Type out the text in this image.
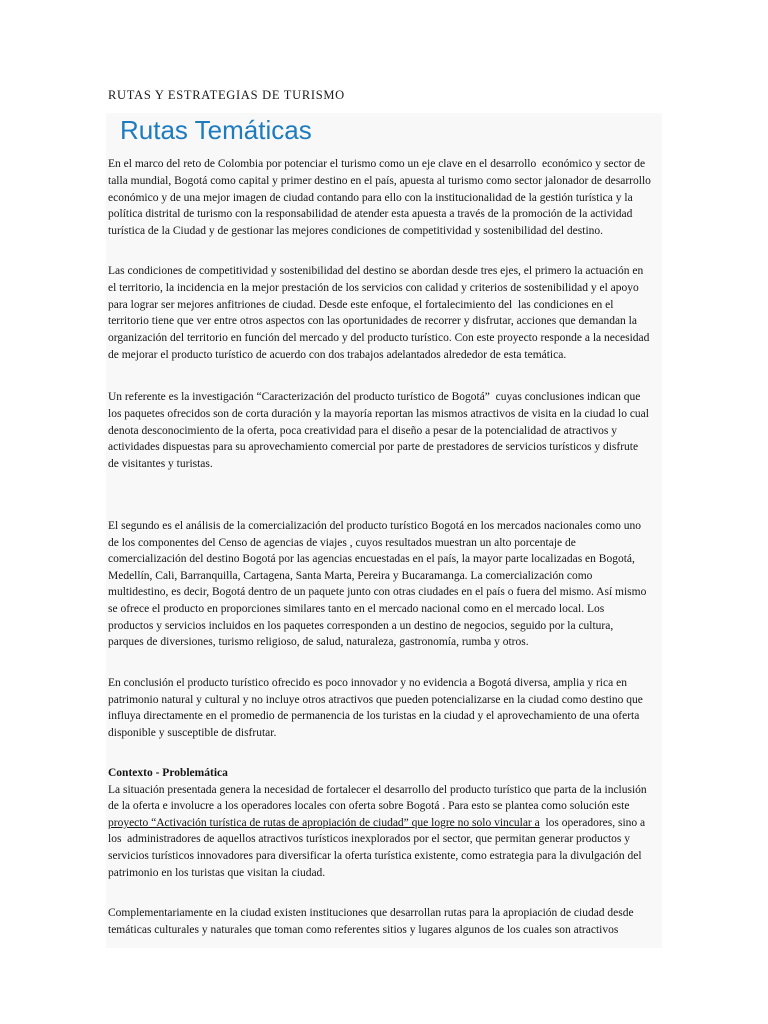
RUTAS Y ESTRATEGIAS DE TURISMO
Rutas Temáticas
En el marco del reto de Colombia por potenciar el turismo como un eje clave en el desarrollo  económico y sector de
talla mundial, Bogotá como capital y primer destino en el país, apuesta al turismo como sector jalonador de desarrollo
económico y de una mejor imagen de ciudad contando para ello con la institucionalidad de la gestión turística y la
política distrital de turismo con la responsabilidad de atender esta apuesta a través de la promoción de la actividad
turística de la Ciudad y de gestionar las mejores condiciones de competitividad y sostenibilidad del destino.
Las condiciones de competitividad y sostenibilidad del destino se abordan desde tres ejes, el primero la actuación en
el territorio, la incidencia en la mejor prestación de los servicios con calidad y criterios de sostenibilidad y el apoyo
para lograr ser mejores anfitriones de ciudad. Desde este enfoque, el fortalecimiento del  las condiciones en el
territorio tiene que ver entre otros aspectos con las oportunidades de recorrer y disfrutar, acciones que demandan la
organización del territorio en función del mercado y del producto turístico. Con este proyecto responde a la necesidad
de mejorar el producto turístico de acuerdo con dos trabajos adelantados alrededor de esta temática.
Un referente es la investigación “Caracterización del producto turístico de Bogotá”  cuyas conclusiones indican que
los paquetes ofrecidos son de corta duración y la mayoría reportan las mismos atractivos de visita en la ciudad lo cual
denota desconocimiento de la oferta, poca creatividad para el diseño a pesar de la potencialidad de atractivos y
actividades dispuestas para su aprovechamiento comercial por parte de prestadores de servicios turísticos y disfrute
de visitantes y turistas.
El segundo es el análisis de la comercialización del producto turístico Bogotá en los mercados nacionales como uno
de los componentes del Censo de agencias de viajes , cuyos resultados muestran un alto porcentaje de
comercialización del destino Bogotá por las agencias encuestadas en el país, la mayor parte localizadas en Bogotá,
Medellín, Cali, Barranquilla, Cartagena, Santa Marta, Pereira y Bucaramanga. La comercialización como
multidestino, es decir, Bogotá dentro de un paquete junto con otras ciudades en el país o fuera del mismo. Así mismo
se ofrece el producto en proporciones similares tanto en el mercado nacional como en el mercado local. Los
productos y servicios incluidos en los paquetes corresponden a un destino de negocios, seguido por la cultura,
parques de diversiones, turismo religioso, de salud, naturaleza, gastronomía, rumba y otros.
En conclusión el producto turístico ofrecido es poco innovador y no evidencia a Bogotá diversa, amplia y rica en
patrimonio natural y cultural y no incluye otros atractivos que pueden potencializarse en la ciudad como destino que
influya directamente en el promedio de permanencia de los turistas en la ciudad y el aprovechamiento de una oferta
disponible y susceptible de disfrutar.
Contexto - Problemática
La situación presentada genera la necesidad de fortalecer el desarrollo del producto turístico que parta de la inclusión
de la oferta e involucre a los operadores locales con oferta sobre Bogotá . Para esto se plantea como solución este
proyecto “Activación turística de rutas de apropiación de ciudad” que logre no solo vincular a  los operadores, sino a
los  administradores de aquellos atractivos turísticos inexplorados por el sector, que permitan generar productos y
servicios turísticos innovadores para diversificar la oferta turística existente, como estrategia para la divulgación del
patrimonio en los turistas que visitan la ciudad.
Complementariamente en la ciudad existen instituciones que desarrollan rutas para la apropiación de ciudad desde
temáticas culturales y naturales que toman como referentes sitios y lugares algunos de los cuales son atractivos
